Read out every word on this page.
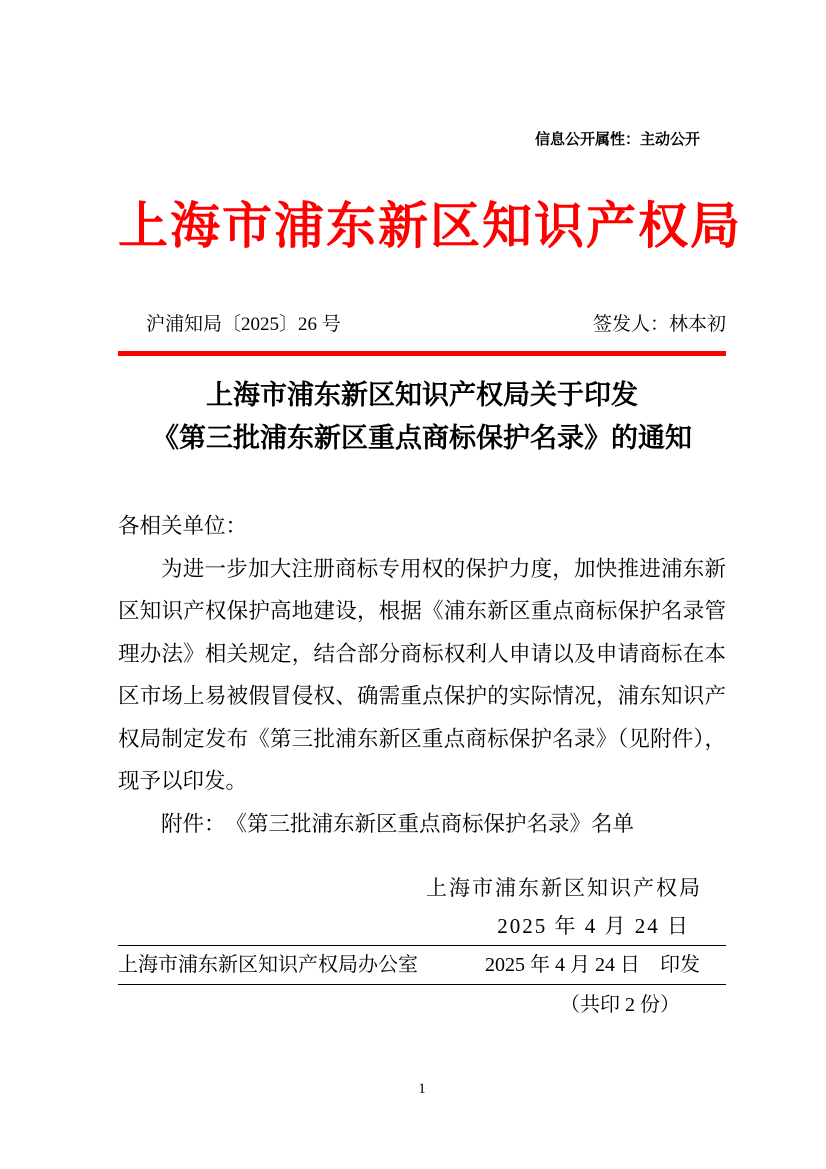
信息公开属性：主动公开
上海市浦东新区知识产权局
沪浦知局〔2025〕26 号	签发人：林本初
上海市浦东新区知识产权局关于印发
《第三批浦东新区重点商标保护名录》的通知
各相关单位：
为进一步加大注册商标专用权的保护力度，加快推进浦东新
区知识产权保护高地建设，根据《浦东新区重点商标保护名录管
理办法》相关规定，结合部分商标权利人申请以及申请商标在本
区市场上易被假冒侵权、确需重点保护的实际情况，浦东知识产
权局制定发布《第三批浦东新区重点商标保护名录》（见附件），
现予以印发。
附件：　《第三批浦东新区重点商标保护名录》名单
上海市浦东新区知识产权局
2025 年 4 月 24 日
上海市浦东新区知识产权局办公室	2025 年 4 月 24 日　印发
（共印 2 份）
1
